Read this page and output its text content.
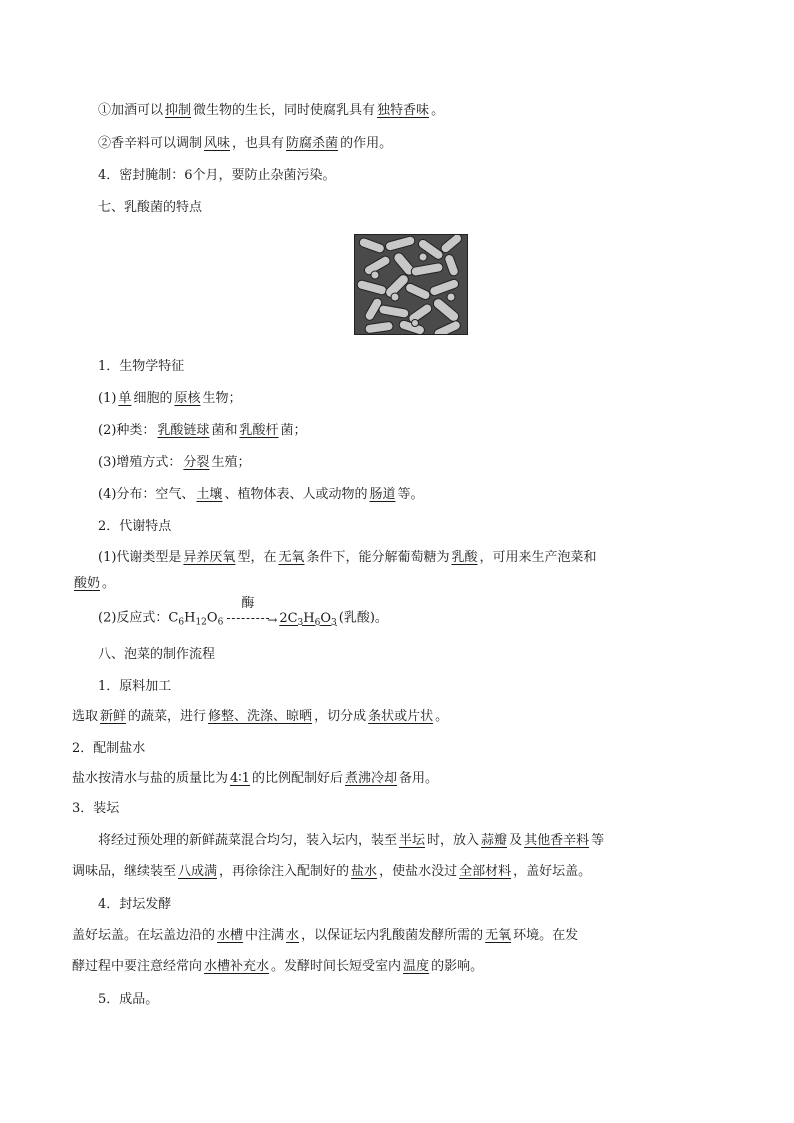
①加酒可以 抑制 微生物的生长，同时使腐乳具有 独特香味 。
②香辛料可以调制 风味 ，也具有 防腐杀菌 的作用。
4．密封腌制：6个月，要防止杂菌污染。
七、乳酸菌的特点
1．生物学特征
(1) 单 细胞的 原核 生物；
(2)种类： 乳酸链球 菌和 乳酸杆 菌；
(3)增殖方式： 分裂 生殖；
(4)分布：空气、 土壤 、植物体表、人或动物的 肠道 等。
2．代谢特点
(1)代谢类型是 异养厌氧 型，在 无氧 条件下，能分解葡萄糖为 乳酸 ，可用来生产泡菜和
酸奶 。
(2)反应式：$C_6H_{12}O_6$
酶
→ $2C_3H_6O_3$ (乳酸)。
八、泡菜的制作流程
1．原料加工
选取 新鲜 的蔬菜，进行 修整、洗涤、晾晒 ，切分成 条状或片状 。
2．配制盐水
盐水按清水与盐的质量比为 4∶1 的比例配制好后 煮沸冷却 备用。
3．装坛
将经过预处理的新鲜蔬菜混合均匀，装入坛内，装至 半坛 时，放入 蒜瓣 及 其他香辛料 等
调味品，继续装至 八成满 ，再徐徐注入配制好的 盐水 ，使盐水没过 全部材料 ，盖好坛盖。
4．封坛发酵
盖好坛盖。在坛盖边沿的 水槽 中注满 水 ，以保证坛内乳酸菌发酵所需的 无氧 环境。在发
酵过程中要注意经常向 水槽补充水 。发酵时间长短受室内 温度 的影响。
5．成品。
